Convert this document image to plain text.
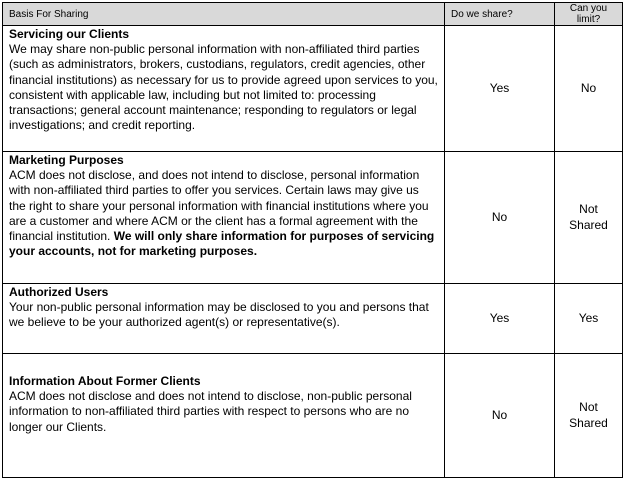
Basis For Sharing	Do we share?	Can you limit?

Servicing our Clients
We may share non-public personal information with non-affiliated third parties (such as administrators, brokers, custodians, regulators, credit agencies, other financial institutions) as necessary for us to provide agreed upon services to you, consistent with applicable law, including but not limited to: processing transactions; general account maintenance; responding to regulators or legal investigations; and credit reporting.	Yes	No

Marketing Purposes
ACM does not disclose, and does not intend to disclose, personal information with non-affiliated third parties to offer you services. Certain laws may give us the right to share your personal information with financial institutions where you are a customer and where ACM or the client has a formal agreement with the financial institution. We will only share information for purposes of servicing your accounts, not for marketing purposes.	No	Not Shared

Authorized Users
Your non-public personal information may be disclosed to you and persons that we believe to be your authorized agent(s) or representative(s).	Yes	Yes

Information About Former Clients
ACM does not disclose and does not intend to disclose, non-public personal information to non-affiliated third parties with respect to persons who are no longer our Clients.	No	Not Shared
